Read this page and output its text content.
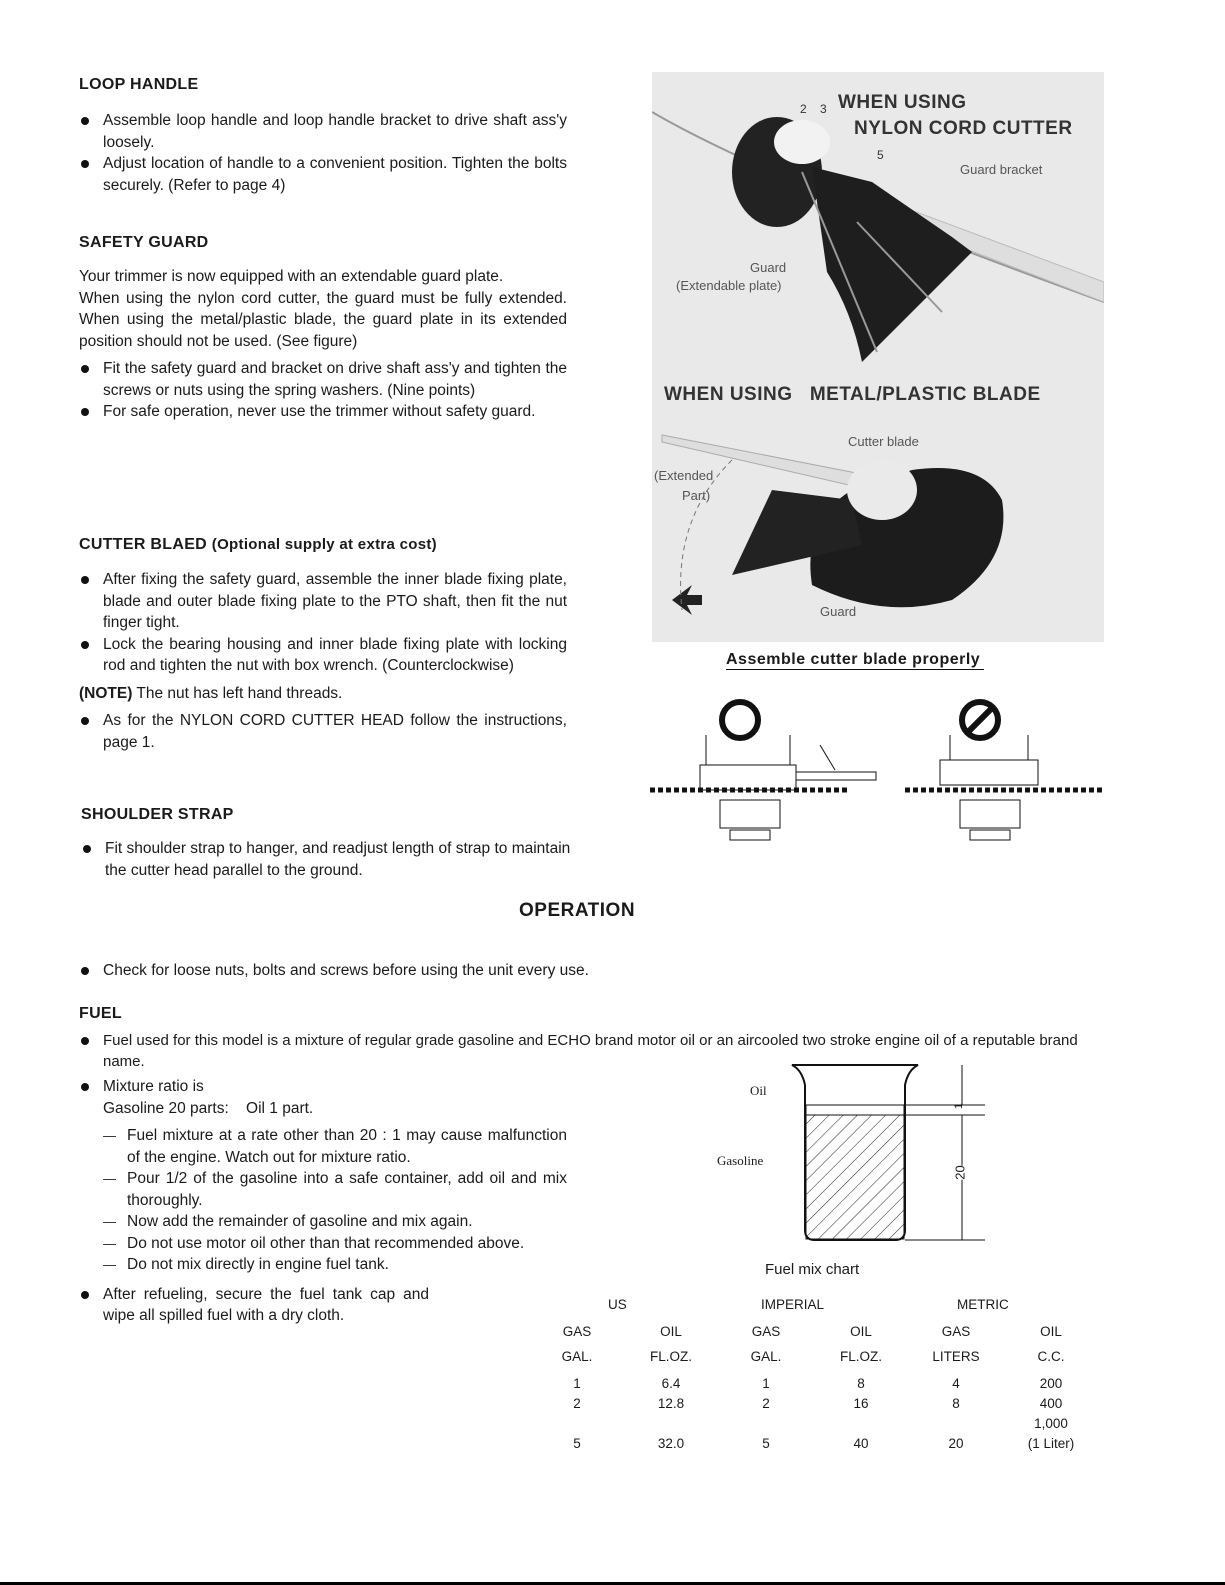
LOOP HANDLE
Assemble loop handle and loop handle bracket to drive shaft ass'y loosely.
Adjust location of handle to a convenient position. Tighten the bolts securely. (Refer to page 4)
SAFETY GUARD
Your trimmer is now equipped with an extendable guard plate.
When using the nylon cord cutter, the guard must be fully extended. When using the metal/plastic blade, the guard plate in its extended position should not be used. (See figure)
Fit the safety guard and bracket on drive shaft ass'y and tighten the screws or nuts using the spring washers. (Nine points)
For safe operation, never use the trimmer without safety guard.
CUTTER BLAED (Optional supply at extra cost)
After fixing the safety guard, assemble the inner blade fixing plate, blade and outer blade fixing plate to the PTO shaft, then fit the nut finger tight.
Lock the bearing housing and inner blade fixing plate with locking rod and tighten the nut with box wrench. (Counterclockwise)
(NOTE) The nut has left hand threads.
As for the NYLON CORD CUTTER HEAD follow the instructions, page 1.
SHOULDER STRAP
Fit shoulder strap to hanger, and readjust length of strap to maintain the cutter head parallel to the ground.
2 3
5
WHEN USING
NYLON CORD CUTTER
Guard bracket
Guard
(Extendable plate)
WHEN USING   METAL/PLASTIC BLADE
Cutter blade
(Extended
Part)
Guard
Assemble cutter blade properly
OPERATION
Check for loose nuts, bolts and screws before using the unit every use.
FUEL
Fuel used for this model is a mixture of regular grade gasoline and ECHO brand motor oil or an aircooled two stroke engine oil of a reputable brand name.
Mixture ratio is
Gasoline 20 parts: Oil 1 part.
— Fuel mixture at a rate other than 20 : 1 may cause malfunction of the engine. Watch out for mixture ratio.
— Pour 1/2 of the gasoline into a safe container, add oil and mix thoroughly.
— Now add the remainder of gasoline and mix again.
— Do not use motor oil other than that recommended above.
— Do not mix directly in engine fuel tank.
After refueling, secure the fuel tank cap and wipe all spilled fuel with a dry cloth.
Oil
Gasoline
1
20
Fuel mix chart
US	IMPERIAL	METRIC
GAS	OIL	GAS	OIL	GAS	OIL
GAL.	FL.OZ.	GAL.	FL.OZ.	LITERS	C.C.
1	6.4	1	8	4	200
2	12.8	2	16	8	400
					1,000
5	32.0	5	40	20	(1 Liter)
